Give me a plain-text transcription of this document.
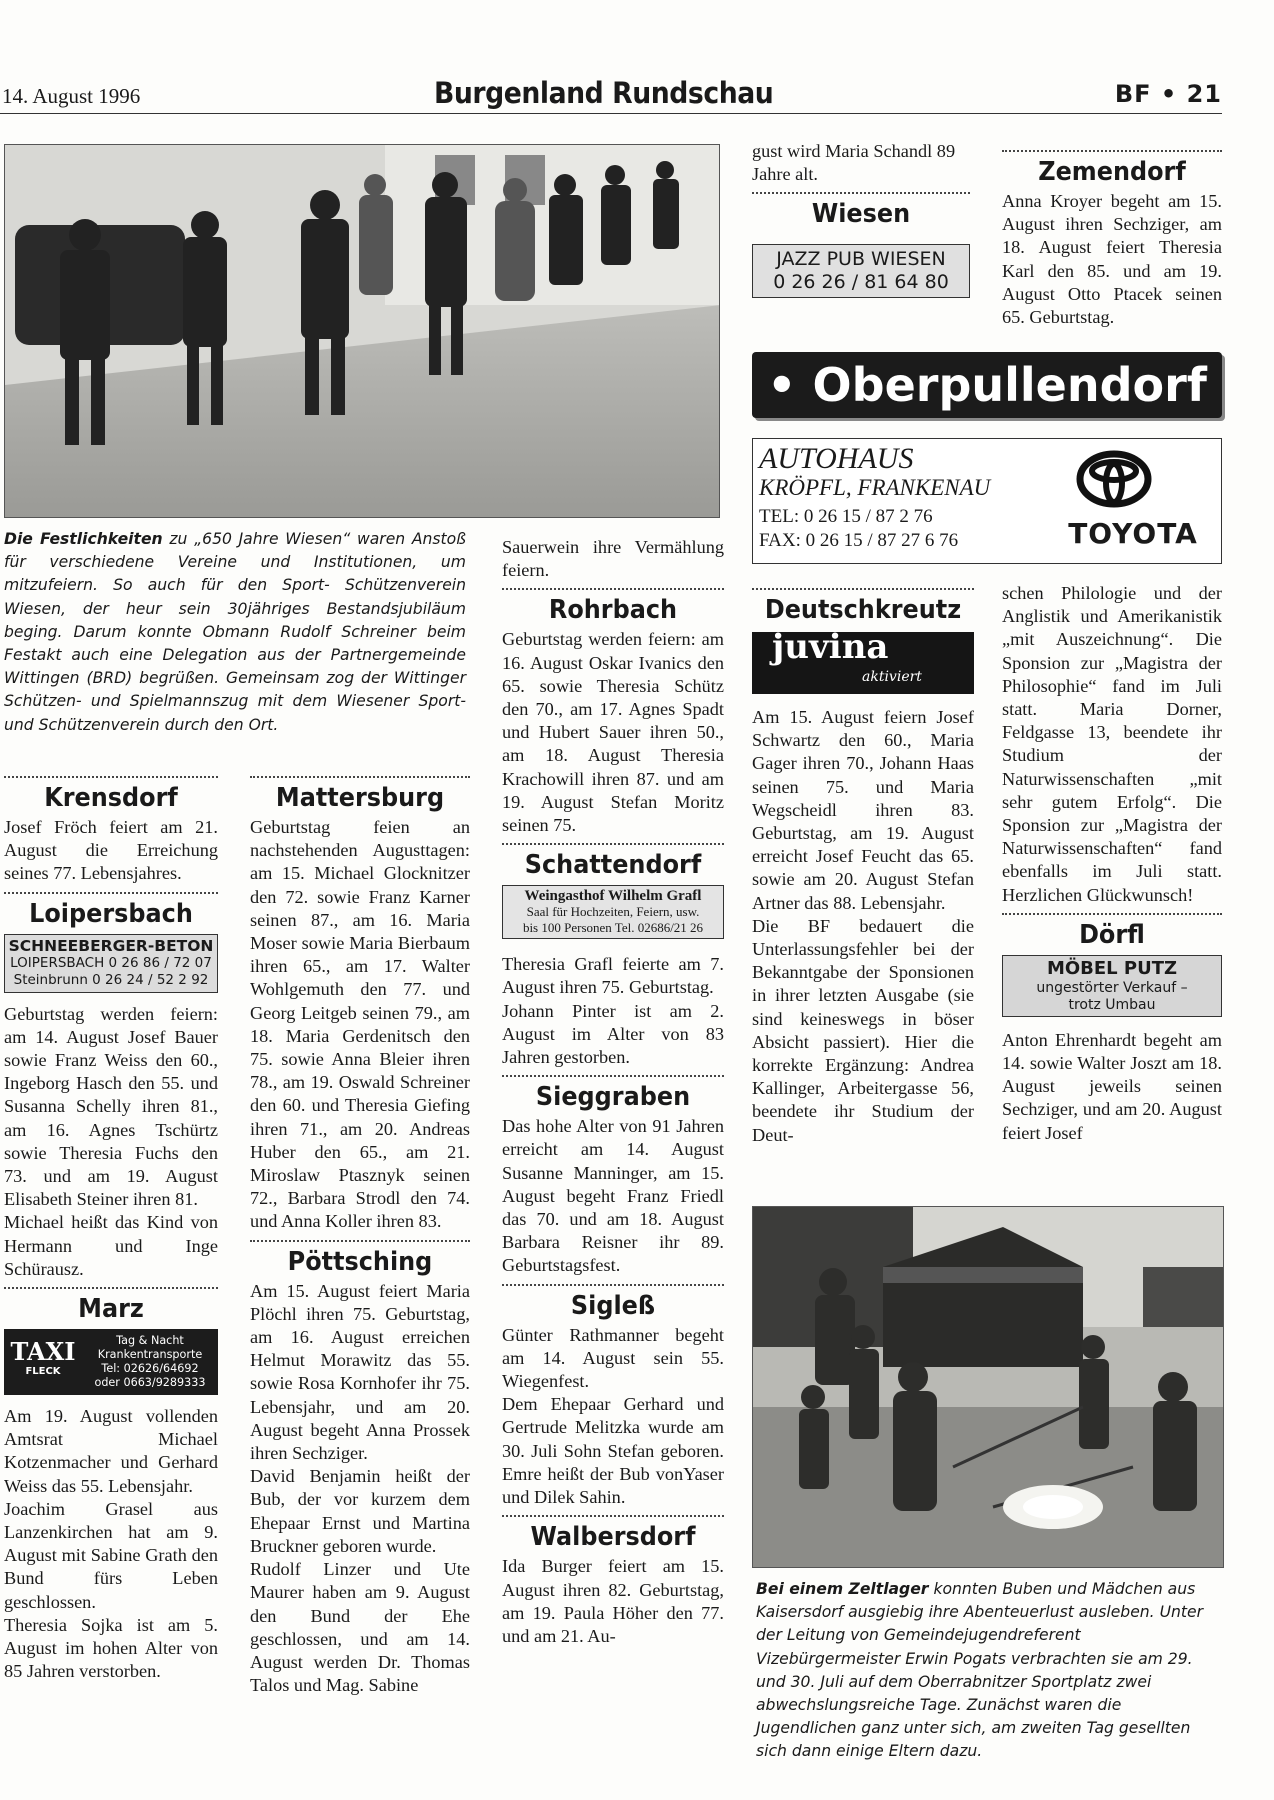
14. August 1996	Burgenland Rundschau	BF • 21
Die Festlichkeiten zu „650 Jahre Wiesen“ waren Anstoß für verschiedene Vereine und Institutionen, um mitzufeiern. So auch für den Sport- Schützenverein Wiesen, der heur sein 30jähriges Bestandsjubiläum beging. Darum konnte Obmann Rudolf Schreiner beim Festakt auch eine Delegation aus der Partnergemeinde Wittingen (BRD) begrüßen. Gemeinsam zog der Wittinger Schützen- und Spielmannszug mit dem Wiesener Sport- und Schützenverein durch den Ort.
Krensdorf

Josef Fröch feiert am 21. August die Erreichung seines 77. Lebensjahres.

Loipersbach
SCHNEEBERGER-BETON
LOIPERSBACH 0 26 86 / 72 07
Steinbrunn 0 26 24 / 52 2 92

Geburtstag werden feiern: am 14. August Josef Bauer sowie Franz Weiss den 60., Ingeborg Hasch den 55. und Susanna Schelly ihren 81., am 16. Agnes Tschürtz sowie Theresia Fuchs den 73. und am 19. August Elisabeth Steiner ihren 81.

Michael heißt das Kind von Hermann und Inge Schürausz.

Marz
TAXI
FLECK
Tag & Nacht
Krankentransporte
Tel: 02626/64692
oder 0663/9289333

Am 19. August vollenden Amtsrat Michael Kotzenmacher und Gerhard Weiss das 55. Lebensjahr.

Joachim Grasel aus Lanzenkirchen hat am 9. August mit Sabine Grath den Bund fürs Leben geschlossen.

Theresia Sojka ist am 5. August im hohen Alter von 85 Jahren verstorben.

Mattersburg

Geburtstag feien an nachstehenden Augusttagen: am 15. Michael Glocknitzer den 72. sowie Franz Karner seinen 87., am 16. Maria Moser sowie Maria Bierbaum ihren 65., am 17. Walter Wohlgemuth den 77. und Georg Leitgeb seinen 79., am 18. Maria Gerdenitsch den 75. sowie Anna Bleier ihren 78., am 19. Oswald Schreiner den 60. und Theresia Giefing ihren 71., am 20. Andreas Huber den 65., am 21. Miroslaw Ptasznyk seinen 72., Barbara Strodl den 74. und Anna Koller ihren 83.

Pöttsching

Am 15. August feiert Maria Plöchl ihren 75. Geburtstag, am 16. August erreichen Helmut Morawitz das 55. sowie Rosa Kornhofer ihr 75. Lebensjahr, und am 20. August begeht Anna Prossek ihren Sechziger.

David Benjamin heißt der Bub, der vor kurzem dem Ehepaar Ernst und Martina Bruckner geboren wurde.

Rudolf Linzer und Ute Maurer haben am 9. August den Bund der Ehe geschlossen, und am 14. August werden Dr. Thomas Talos und Mag. Sabine

Sauerwein ihre Vermählung feiern.

Rohrbach

Geburtstag werden feiern: am 16. August Oskar Ivanics den 65. sowie Theresia Schütz den 70., am 17. Agnes Spadt und Hubert Sauer ihren 50., am 18. August Theresia Krachowill ihren 87. und am 19. August Stefan Moritz seinen 75.

Schattendorf
Weingasthof Wilhelm Grafl
Saal für Hochzeiten, Feiern, usw.
bis 100 Personen Tel. 02686/21 26

Theresia Grafl feierte am 7. August ihren 75. Geburtstag.

Johann Pinter ist am 2. August im Alter von 83 Jahren gestorben.

Sieggraben

Das hohe Alter von 91 Jahren erreicht am 14. August Susanne Manninger, am 15. August begeht Franz Friedl das 70. und am 18. August Barbara Reisner ihr 89. Geburtstagsfest.

Sigleß

Günter Rathmanner begeht am 14. August sein 55. Wiegenfest.

Dem Ehepaar Gerhard und Gertrude Melitzka wurde am 30. Juli Sohn Stefan geboren. Emre heißt der Bub vonYaser und Dilek Sahin.

Walbersdorf

Ida Burger feiert am 15. August ihren 82. Geburtstag, am 19. Paula Höher den 77. und am 21. Au-

gust wird Maria Schandl 89 Jahre alt.

Wiesen
JAZZ PUB WIESEN
0 26 26 / 81 64 80
Zemendorf

Anna Kroyer begeht am 15. August ihren Sechziger, am 18. August feiert Theresia Karl den 85. und am 19. August Otto Ptacek seinen 65. Geburtstag.

• Oberpullendorf
AUTOHAUS
KRÖPFL, FRANKENAU
TEL: 0 26 15 / 87 2 76
FAX: 0 26 15 / 87 27 6 76	TOYOTA
Deutschkreutz
juvina
aktiviert

Am 15. August feiern Josef Schwartz den 60., Maria Gager ihren 70., Johann Haas seinen 75. und Maria Wegscheidl ihren 83. Geburtstag, am 19. August erreicht Josef Feucht das 65. sowie am 20. August Stefan Artner das 88. Lebensjahr.

Die BF bedauert die Unterlassungsfehler bei der Bekanntgabe der Sponsionen in ihrer letzten Ausgabe (sie sind keineswegs in böser Absicht passiert). Hier die korrekte Ergänzung: Andrea Kallinger, Arbeitergasse 56, beendete ihr Studium der Deut-

schen Philologie und der Anglistik und Amerikanistik „mit Auszeichnung“. Die Sponsion zur „Magistra der Philosophie“ fand im Juli statt. Maria Dorner, Feldgasse 13, beendete ihr Studium der Naturwissenschaften „mit sehr gutem Erfolg“. Die Sponsion zur „Magistra der Naturwissenschaften“ fand ebenfalls im Juli statt. Herzlichen Glückwunsch!

Dörfl
MÖBEL PUTZ
ungestörter Verkauf –
trotz Umbau

Anton Ehrenhardt begeht am 14. sowie Walter Joszt am 18. August jeweils seinen Sechziger, und am 20. August feiert Josef

Bei einem Zeltlager konnten Buben und Mädchen aus Kaisersdorf ausgiebig ihre Abenteuerlust ausleben. Unter der Leitung von Gemeindejugendreferent Vizebürgermeister Erwin Pogats verbrachten sie am 29. und 30. Juli auf dem Oberrabnitzer Sportplatz zwei abwechslungsreiche Tage. Zunächst waren die Jugendlichen ganz unter sich, am zweiten Tag gesellten sich dann einige Eltern dazu.
